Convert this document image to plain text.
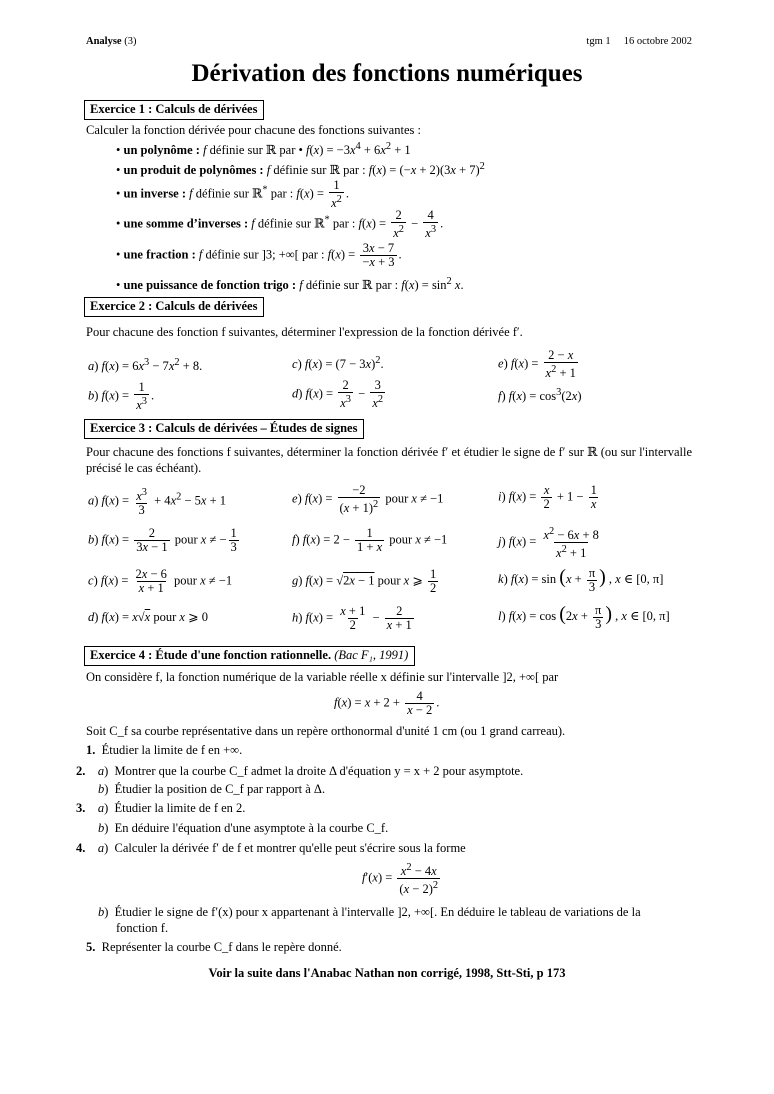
Analyse (3)	tgm 1 16 octobre 2002
Dérivation des fonctions numériques
Exercice 1 : Calculs de dérivées
Calculer la fonction dérivée pour chacune des fonctions suivantes :
• un polynôme : f définie sur ℝ par • $f(x) = -3x^4 + 6x^2 + 1$
• un produit de polynômes : f définie sur ℝ par : $f(x) = (-x + 2)(3x + 7)^2$
• un inverse : f définie sur ℝ* par : $f(x) = \frac{1}{x^2}$ .
• une somme d’inverses : f définie sur ℝ* par : $f(x) = \frac{2}{x^2} - \frac{4}{x^3}$ .
• une fraction : f définie sur ]3; +∞[ par : $f(x) = \frac{3x - 7}{-x + 3}$ .
• une puissance de fonction trigo : f définie sur ℝ par : $f(x) = \sin^2 x$.
Exercice 2 : Calculs de dérivées
Pour chacune des fonction f suivantes, déterminer l'expression de la fonction dérivée f′.
a) $f(x) = 6x^3 - 7x^2 + 8$.	c) $f(x) = (7 - 3x)^2$.	e) $f(x) = \frac{2 - x}{x^2 + 1}$
b) $f(x) = \frac{1}{x^3}$ .	d) $f(x) = \frac{2}{x^3} - \frac{3}{x^2}$	f) $f(x) = \cos^3(2x)$
Exercice 3 : Calculs de dérivées – Études de signes
Pour chacune des fonctions f suivantes, déterminer la fonction dérivée f′ et étudier le signe de f′ sur ℝ (ou sur l'intervalle précisé le cas échéant).
a) $f(x) = \frac{x^3}{3} + 4x^2 - 5x + 1$	e) $f(x) = \frac{-2}{(x + 1)^2}$ pour x ≠ −1	i) $f(x) = \frac{x}{2} + 1 - \frac{1}{x}$
b) $f(x) = \frac{2}{3x - 1}$ pour x ≠ − $\frac{1}{3}$	f) $f(x) = 2 - \frac{1}{1 + x}$ pour x ≠ −1	j) $f(x) = \frac{x^2 - 6x + 8}{x^2 + 1}$
c) $f(x) = \frac{2x - 6}{x + 1}$ pour x ≠ −1	g) f(x) = √2x − 1 pour x ⩾ $\frac{1}{2}$	k) $f(x) = \sin (x + \frac{\pi}{3}$ ) , x ∈ [0, π]
d) f(x) = x√x pour x ⩾ 0	h) $f(x) = \frac{x + 1}{2} - \frac{2}{x + 1}$	l) $f(x) = \cos (2x + \frac{\pi}{3}$ ) , x ∈ [0, π]
Exercice 4 : Étude d'une fonction rationnelle. (Bac F₁, 1991)
On considère f, la fonction numérique de la variable réelle x définie sur l'intervalle ]2, +∞[ par
$f(x) = x + 2 + \frac{4}{x - 2}$ .
Soit C_f sa courbe représentative dans un repère orthonormal d'unité 1 cm (ou 1 grand carreau).
1. Étudier la limite de f en +∞.
2. a)  Montrer que la courbe C_f admet la droite Δ d'équation y = x + 2 pour asymptote.
b)  Étudier la position de C_f par rapport à Δ.
3. a)  Étudier la limite de f en 2.
b)  En déduire l'équation d'une asymptote à la courbe C_f.
4. a)  Calculer la dérivée f′ de f et montrer qu'elle peut s'écrire sous la forme
$f'(x) = \frac{x^2 - 4x}{(x - 2)^2}$
b)  Étudier le signe de f′(x) pour x appartenant à l'intervalle ]2, +∞[. En déduire le tableau de variations de la
fonction f.
5. Représenter la courbe C_f dans le repère donné.
Voir la suite dans l'Anabac Nathan non corrigé, 1998, Stt-Sti, p 173
